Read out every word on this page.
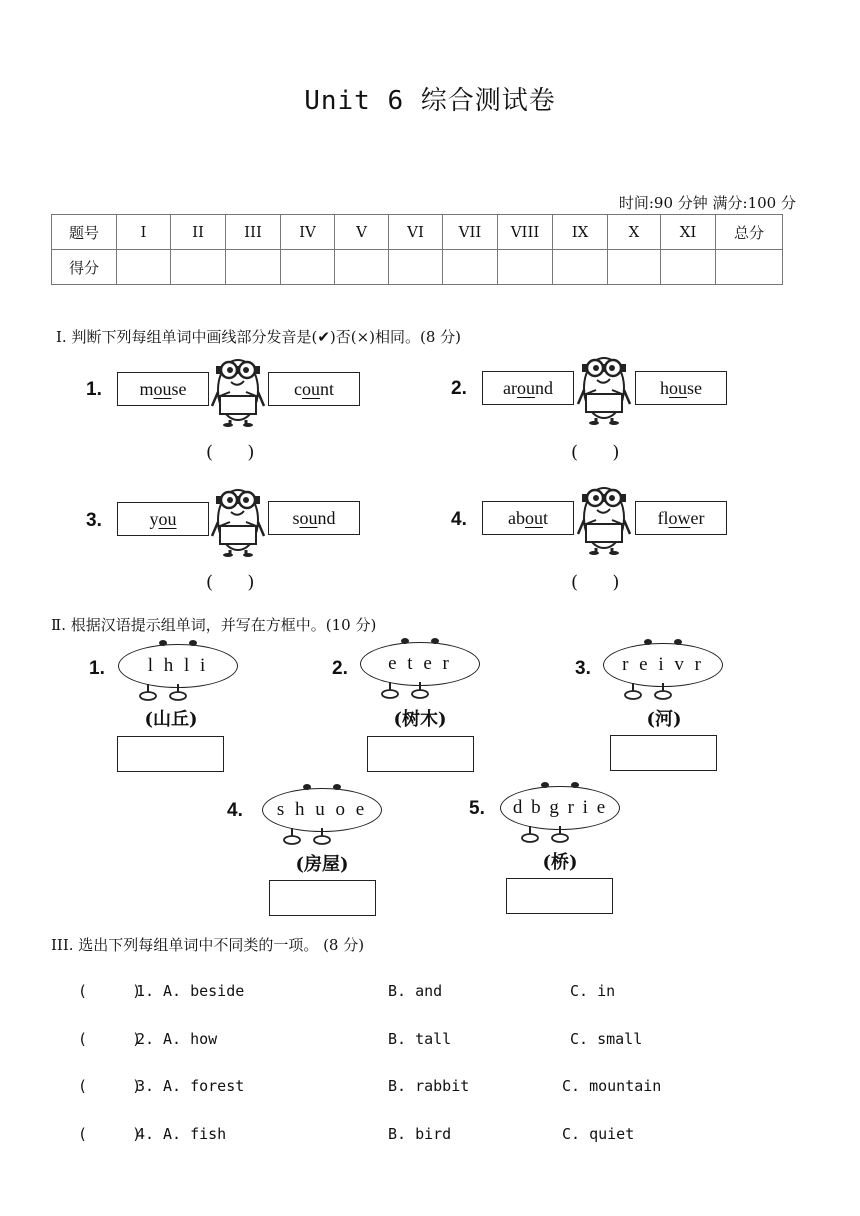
Unit 6 综合测试卷
时间:90 分钟 满分:100 分
题号	I	II	III	IV	V	VI	VII	VIII	IX	X	XI	总分
得分												
Ⅰ. 判断下列每组单词中画线部分发音是(✔)否(×)相同。(8 分)
1. m ou se	c ou nt
(      )
2. ar ou nd	h ou se
(      )
3.	y ou	s ou nd
(      )
4. ab ou t	fl ow er
(      )
Ⅱ. 根据汉语提示组单词，并写在方框中。(10 分)
1.	l h l i
(山丘)
2.	e t e r
(树木)
3.	r e i v r
(河)
4.	s h u o e
(房屋)
5.	d b g r i e
(桥)
III. 选出下列每组单词中不同类的一项。 (8 分)
(     )
1. A. beside	B. and	C. in
(     )
2. A. how	B. tall	C. small
(     )
3. A. forest	B. rabbit	C. mountain
(     )
4. A. fish	B. bird	C. quiet
